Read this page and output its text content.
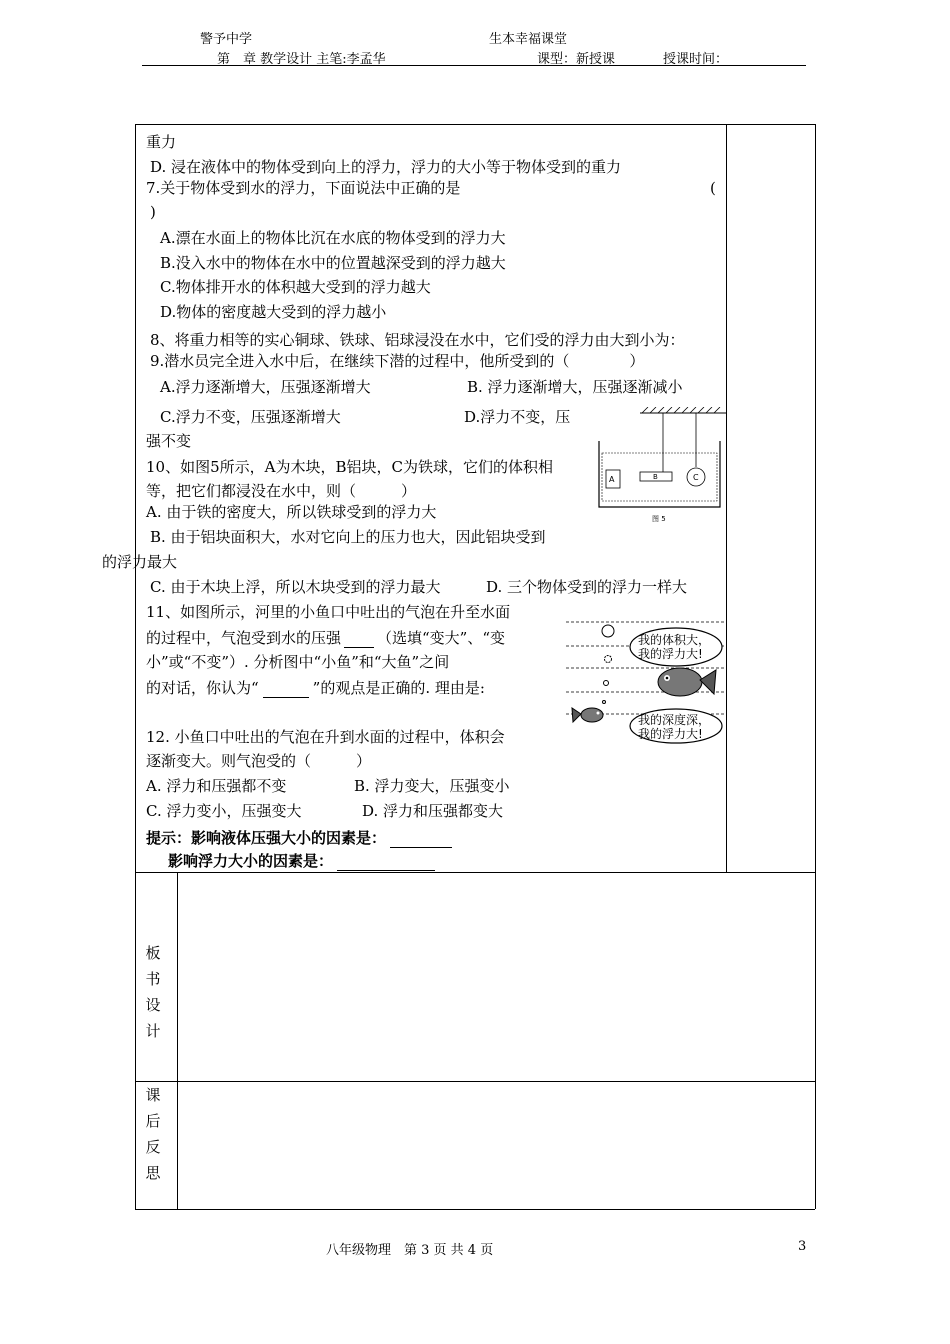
警予中学	生本幸福课堂
第　章 教学设计 主笔:李孟华	课型：新授课	授课时间：
重力
D. 浸在液体中的物体受到向上的浮力，浮力的大小等于物体受到的重力
7.关于物体受到水的浮力，下面说法中正确的是	(
)
A.漂在水面上的物体比沉在水底的物体受到的浮力大
B.没入水中的物体在水中的位置越深受到的浮力越大
C.物体排开水的体积越大受到的浮力越大
D.物体的密度越大受到的浮力越小
8、将重力相等的实心铜球、铁球、铝球浸没在水中，它们受的浮力由大到小为：
9.潜水员完全进入水中后，在继续下潜的过程中，他所受到的（　　　　）
A.浮力逐渐增大，压强逐渐增大	B. 浮力逐渐增大，压强逐渐减小
C.浮力不变，压强逐渐增大	D.浮力不变，压
强不变
10、如图5所示，A为木块，B铝块，C为铁球，它们的体积相
等，把它们都浸没在水中，则（　　　）
A. 由于铁的密度大，所以铁球受到的浮力大
B. 由于铝块面积大，水对它向上的压力也大，因此铝块受到
的浮力最大
C. 由于木块上浮，所以木块受到的浮力最大	D. 三个物体受到的浮力一样大
11、如图所示，河里的小鱼口中吐出的气泡在升至水面
的过程中，气泡受到水的压强 （选填“变大”、“变
小”或“不变”）. 分析图中“小鱼”和“大鱼”之间
的对话，你认为“	”的观点是正确的. 理由是:
12. 小鱼口中吐出的气泡在升到水面的过程中，体积会
逐渐变大。则气泡受的（　　　）
A. 浮力和压强都不变	B. 浮力变大，压强变小
C. 浮力变小，压强变大	D. 浮力和压强都变大
提示：影响液体压强大小的因素是：
影响浮力大小的因素是：
A	B	C
图 5
我的体积大，
我的浮力大!
我的深度深，
我的浮力大!
板
书
设
计
课
后
反
思
八年级物理　第 3 页 共 4 页	3
